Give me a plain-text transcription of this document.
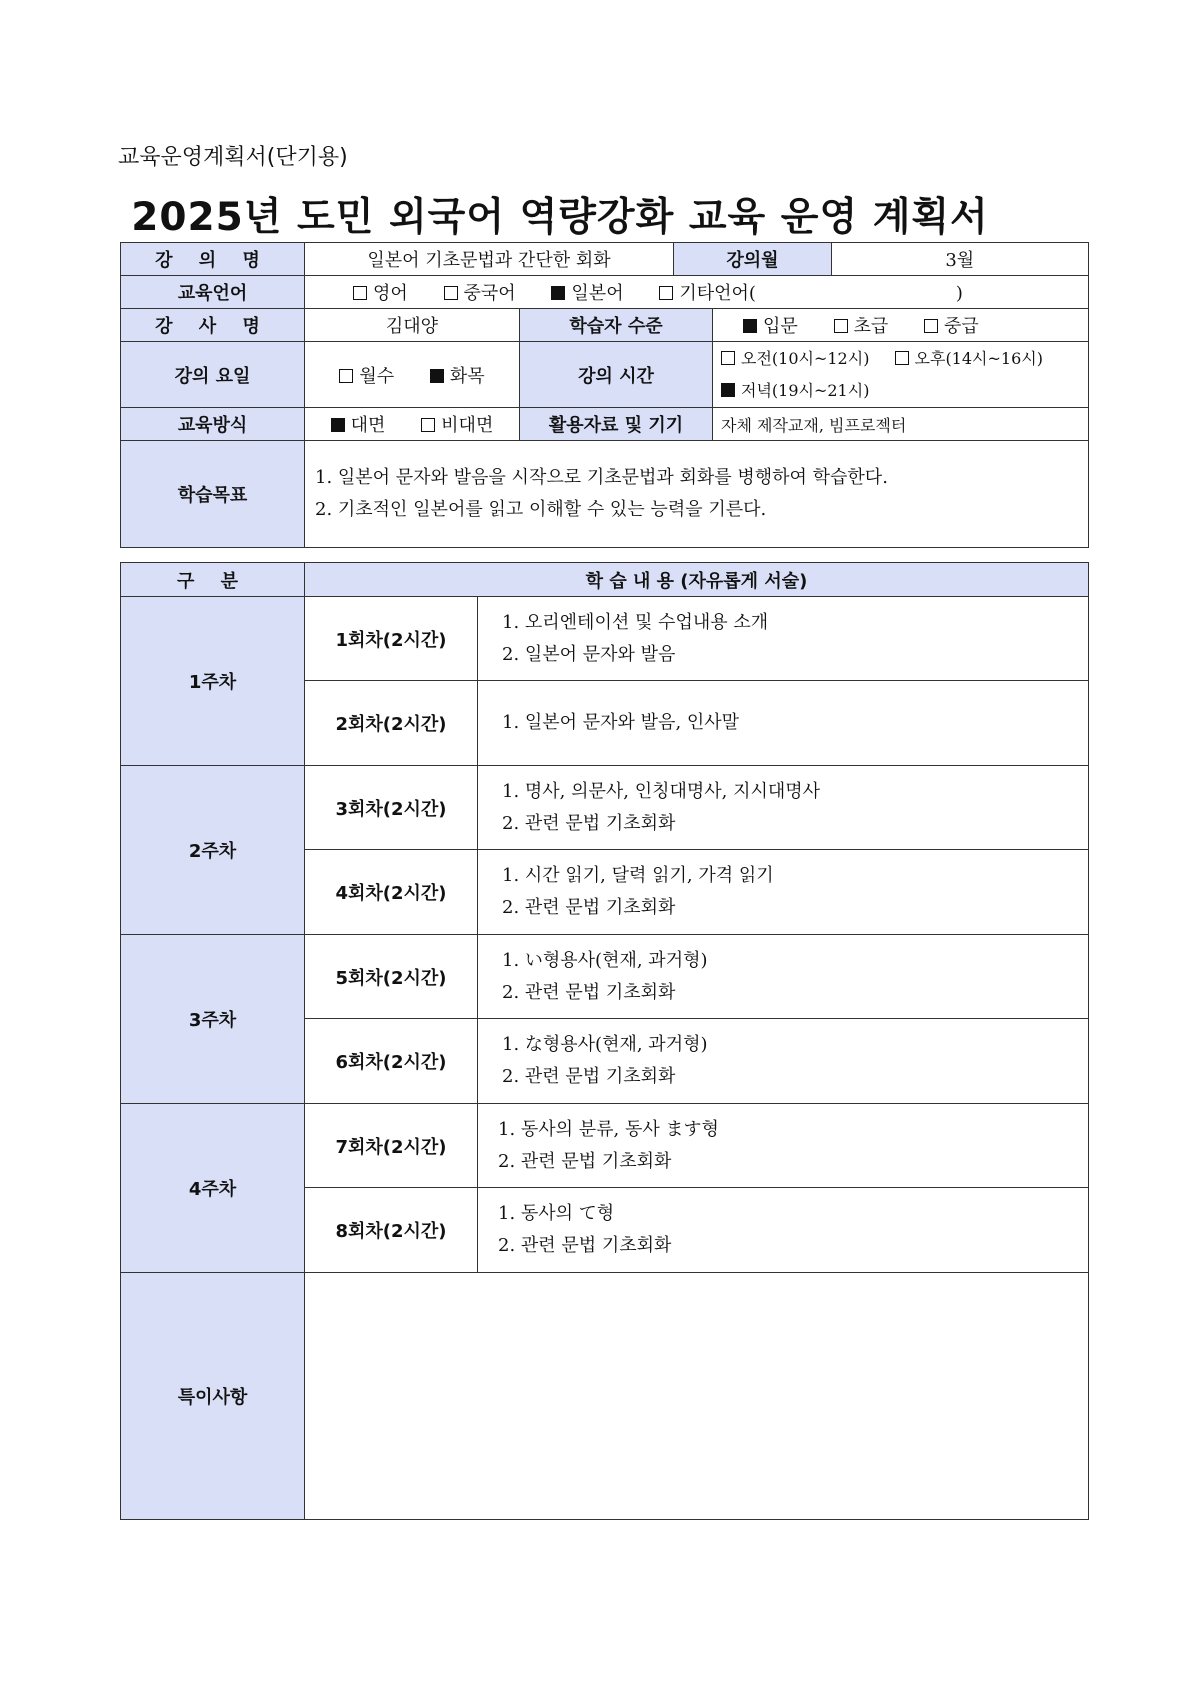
교육운영계획서(단기용)
2025년 도민 외국어 역량강화 교육 운영 계획서
강 의 명	일본어 기초문법과 간단한 회화		강의월 3월	

교육언어	영어 중국어 일본어 기타언어( )			
강 사 명	김대양	학습자 수준		입문 초급 중급
강의 요일	월수 화목	강의 시간		오전(10시~12시) 오후(14시~16시)
저녁(19시~21시)

교육방식	대면 비대면	활용자료 및 기기		자체 제작교재, 빔프로젝터
학습목표	1. 일본어 문자와 발음을 시작으로 기초문법과 회화를 병행하여 학습한다.
2. 기초적인 일본어를 읽고 이해할 수 있는 능력을 기른다.			
구 분	학 습 내 용 (자유롭게 서술)	
1주차	1회차(2시간)	1. 오리엔테이션 및 수업내용 소개
2. 일본어 문자와 발음

	2회차(2시간)	1. 일본어 문자와 발음, 인사말

2주차	3회차(2시간)	1. 명사, 의문사, 인칭대명사, 지시대명사
2. 관련 문법 기초회화

	4회차(2시간)	1. 시간 읽기, 달력 읽기, 가격 읽기
2. 관련 문법 기초회화

3주차	5회차(2시간)	1. い형용사(현재, 과거형)
2. 관련 문법 기초회화

	6회차(2시간)	1. な형용사(현재, 과거형)
2. 관련 문법 기초회화

4주차	7회차(2시간)	1. 동사의 분류, 동사 ます형
2. 관련 문법 기초회화

	8회차(2시간)	1. 동사의 て형
2. 관련 문법 기초회화

특이사항		
